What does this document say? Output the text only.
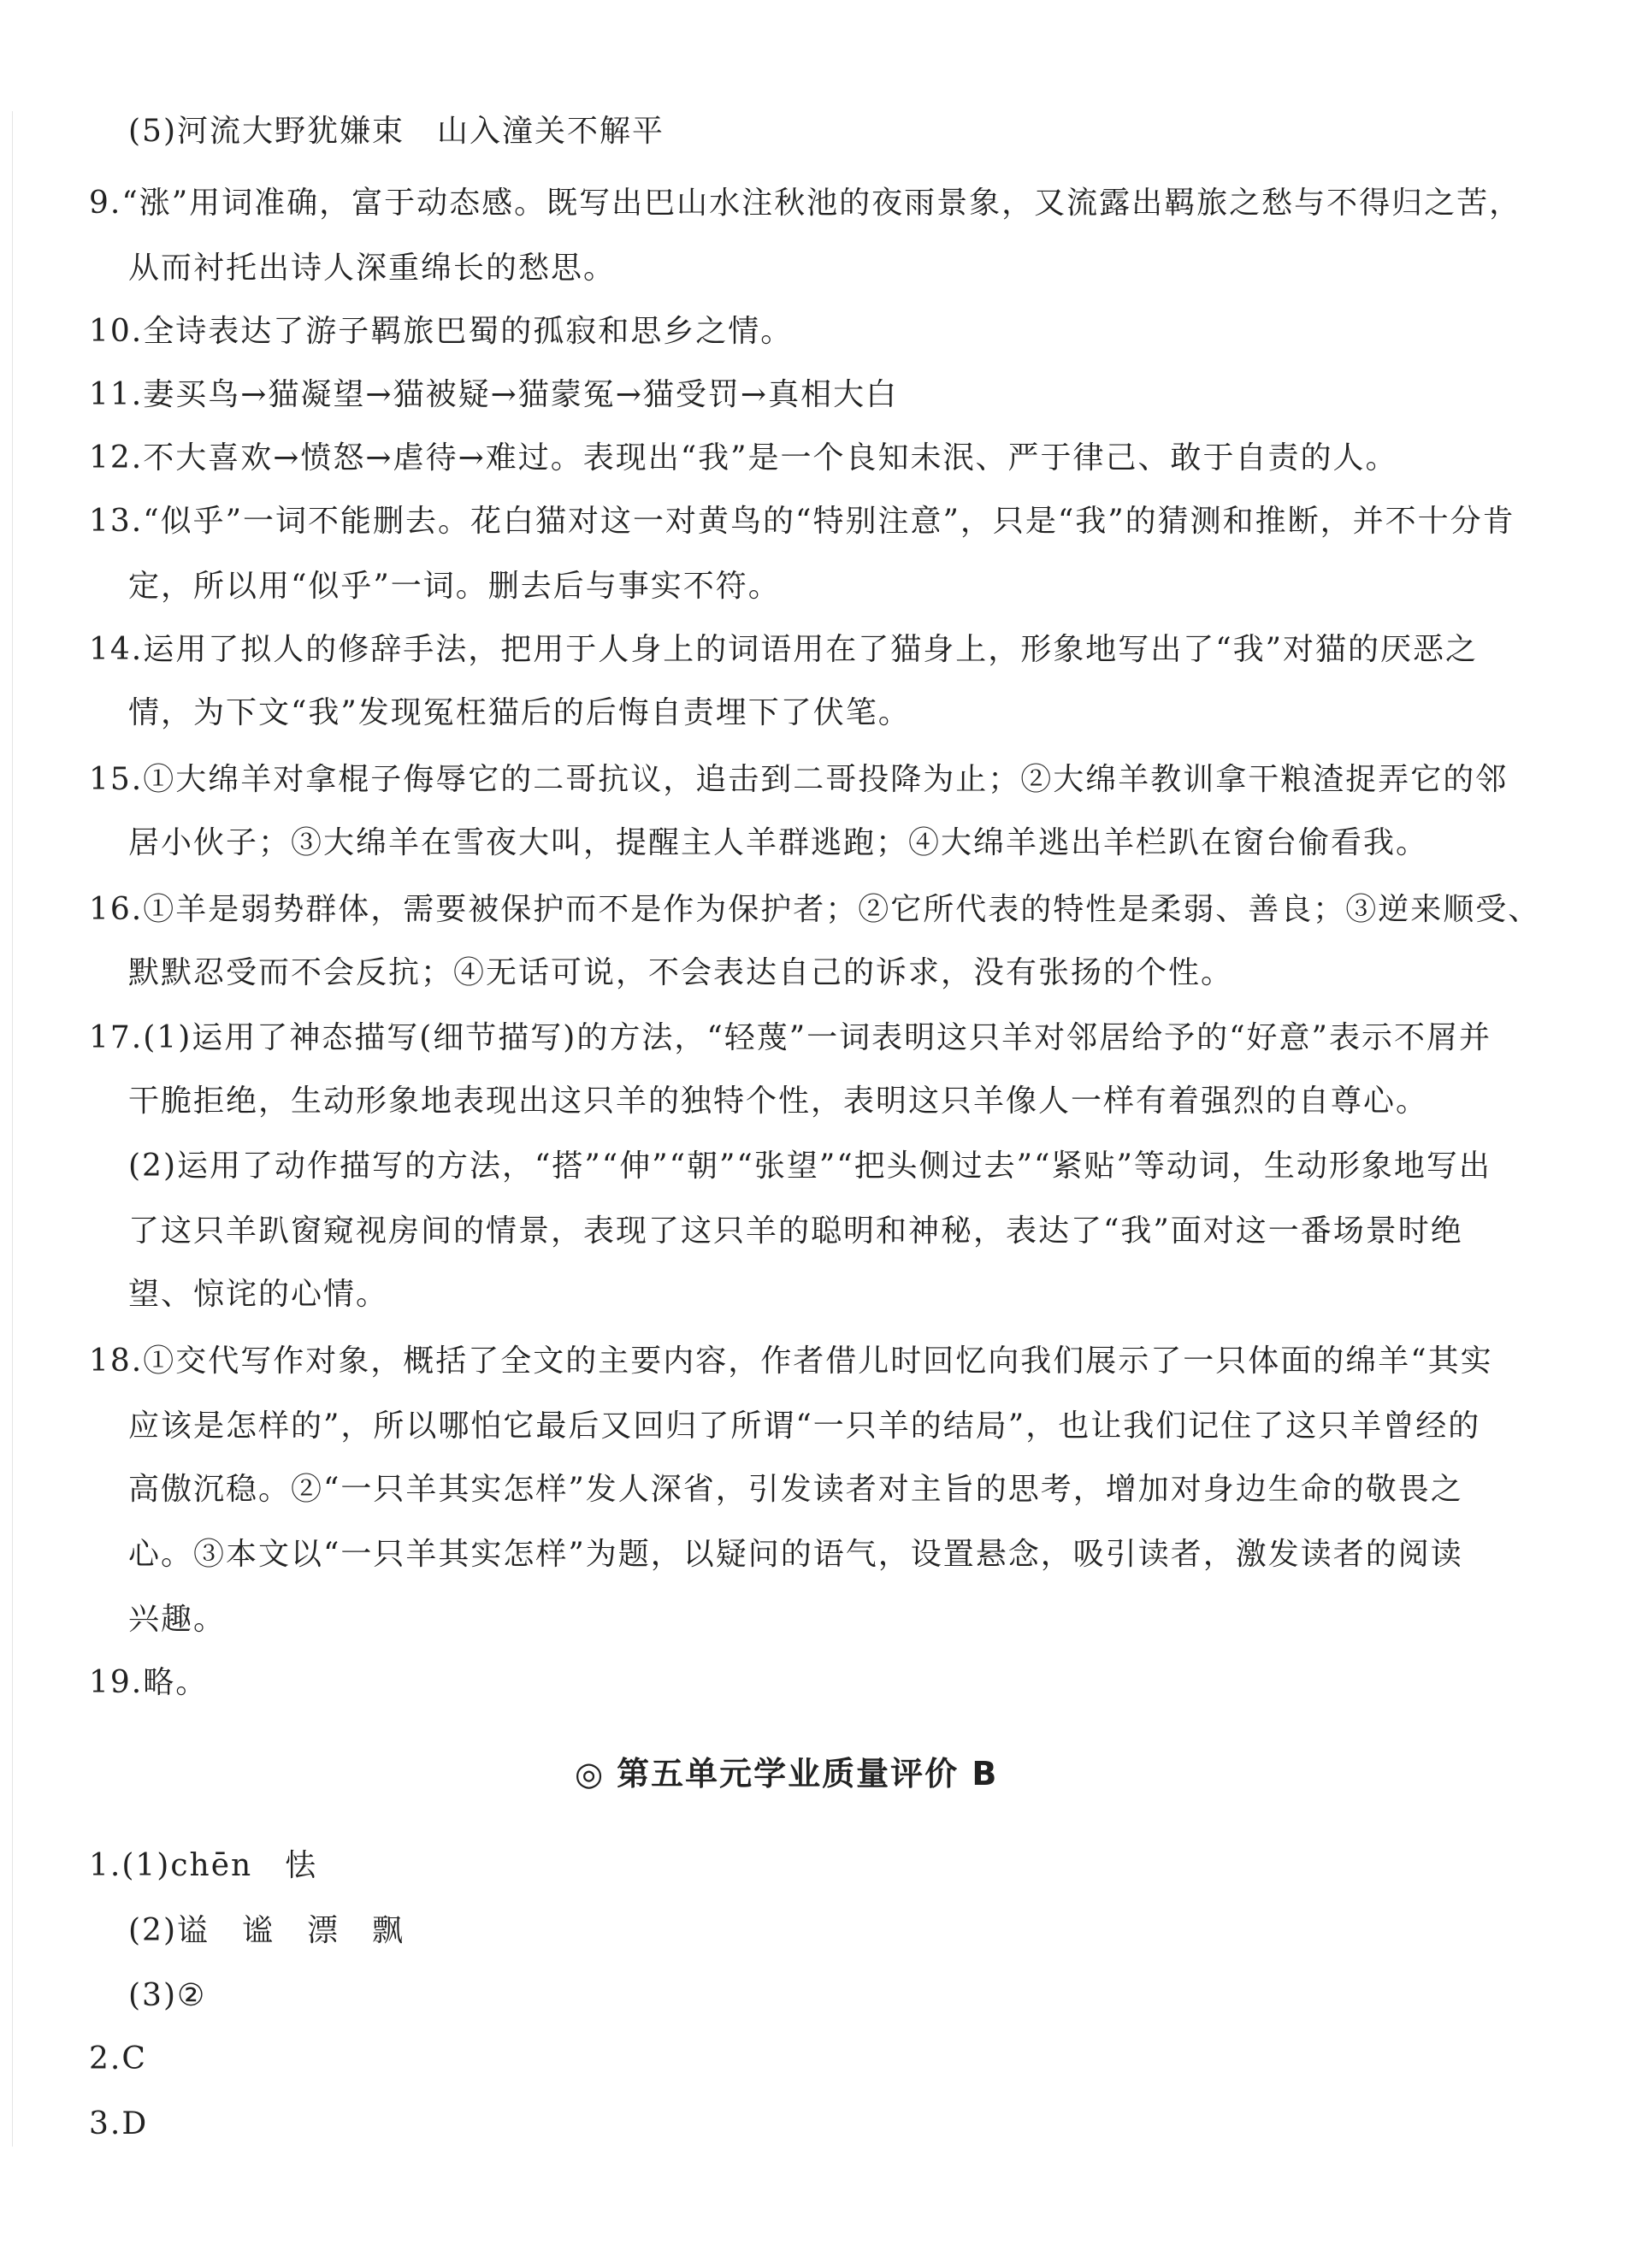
(5)河流大野犹嫌束　山入潼关不解平
9.“涨”用词准确，富于动态感。既写出巴山水注秋池的夜雨景象，又流露出羁旅之愁与不得归之苦，
从而衬托出诗人深重绵长的愁思。
10.全诗表达了游子羁旅巴蜀的孤寂和思乡之情。
11.妻买鸟→猫凝望→猫被疑→猫蒙冤→猫受罚→真相大白
12.不大喜欢→愤怒→虐待→难过。表现出“我”是一个良知未泯、严于律己、敢于自责的人。
13.“似乎”一词不能删去。花白猫对这一对黄鸟的“特别注意”，只是“我”的猜测和推断，并不十分肯
定，所以用“似乎”一词。删去后与事实不符。
14.运用了拟人的修辞手法，把用于人身上的词语用在了猫身上，形象地写出了“我”对猫的厌恶之
情，为下文“我”发现冤枉猫后的后悔自责埋下了伏笔。
15.①大绵羊对拿棍子侮辱它的二哥抗议，追击到二哥投降为止；②大绵羊教训拿干粮渣捉弄它的邻
居小伙子；③大绵羊在雪夜大叫，提醒主人羊群逃跑；④大绵羊逃出羊栏趴在窗台偷看我。
16.①羊是弱势群体，需要被保护而不是作为保护者；②它所代表的特性是柔弱、善良；③逆来顺受、
默默忍受而不会反抗；④无话可说，不会表达自己的诉求，没有张扬的个性。
17.(1)运用了神态描写(细节描写)的方法，“轻蔑”一词表明这只羊对邻居给予的“好意”表示不屑并
干脆拒绝，生动形象地表现出这只羊的独特个性，表明这只羊像人一样有着强烈的自尊心。
(2)运用了动作描写的方法，“搭”“伸”“朝”“张望”“把头侧过去”“紧贴”等动词，生动形象地写出
了这只羊趴窗窥视房间的情景，表现了这只羊的聪明和神秘，表达了“我”面对这一番场景时绝
望、惊诧的心情。
18.①交代写作对象，概括了全文的主要内容，作者借儿时回忆向我们展示了一只体面的绵羊“其实
应该是怎样的”，所以哪怕它最后又回归了所谓“一只羊的结局”，也让我们记住了这只羊曾经的
高傲沉稳。②“一只羊其实怎样”发人深省，引发读者对主旨的思考，增加对身边生命的敬畏之
心。③本文以“一只羊其实怎样”为题，以疑问的语气，设置悬念，吸引读者，激发读者的阅读
兴趣。
19.略。
◎ 第五单元学业质量评价 B
1.(1)chēn　怯
(2)谥　谧　漂　飘
(3)②
2.C
3.D
